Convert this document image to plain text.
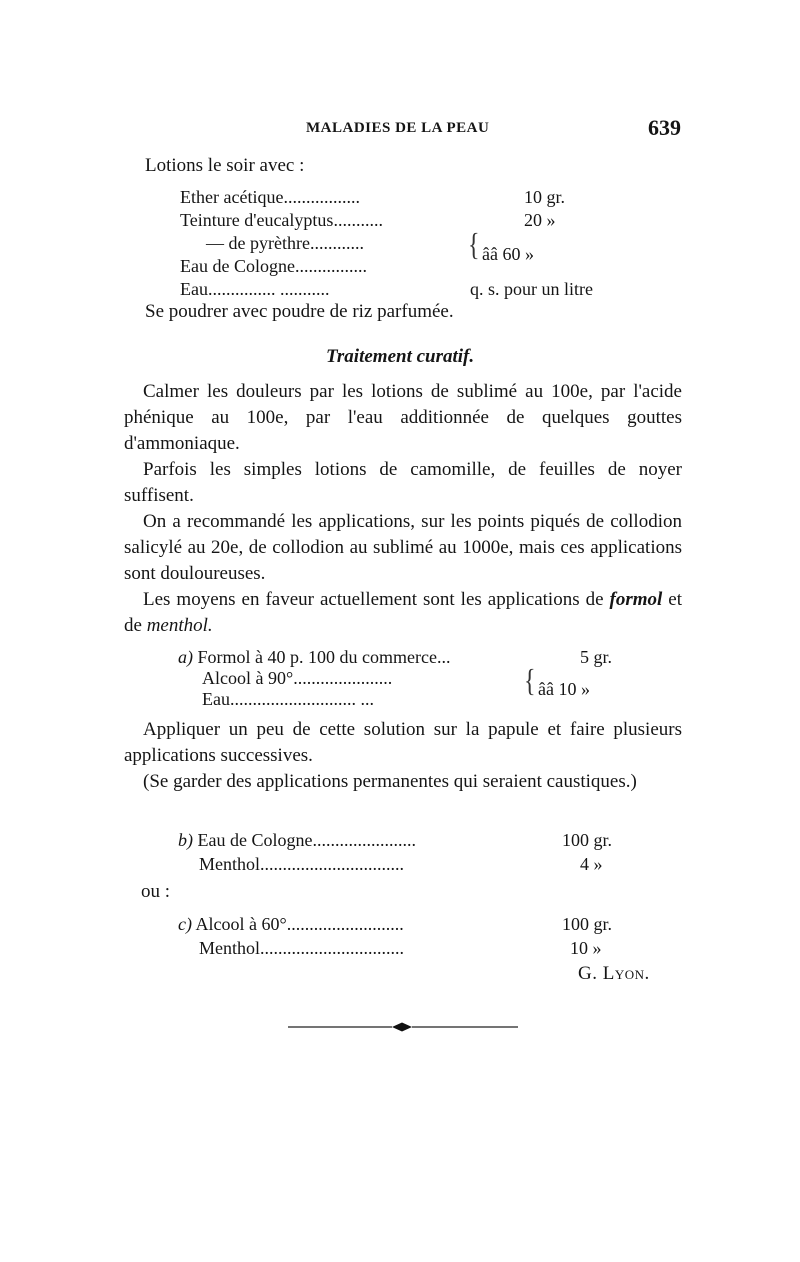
MALADIES DE LA PEAU	639
Lotions le soir avec :
Ether acétique.................	10 gr.
Teinture d'eucalyptus...........	20 »
— de pyrèthre............
Eau de Cologne................
{ ââ 60 »
Eau............... ...........	q. s. pour un litre
Se poudrer avec poudre de riz parfumée.
Traitement curatif.
Calmer les douleurs par les lotions de sublimé au 100e, par l'acide phénique au 100e, par l'eau additionnée de quelques gouttes d'ammoniaque.
Parfois les simples lotions de camomille, de feuilles de noyer suffisent.
On a recommandé les applications, sur les points piqués de collodion salicylé au 20e, de collodion au sublimé au 1000e, mais ces applications sont douloureuses.
Les moyens en faveur actuellement sont les applications de formol et de menthol.
a) Formol à 40 p. 100 du commerce...	5 gr.
Alcool à 90°......................
Eau............................ ...
{ ââ 10 »
Appliquer un peu de cette solution sur la papule et faire plusieurs applications successives.
(Se garder des applications permanentes qui seraient caustiques.)
b) Eau de Cologne.......................	100 gr.
Menthol................................	4 »
ou :
c) Alcool à 60°..........................	100 gr.
Menthol................................	10 »
G. Lyon.
